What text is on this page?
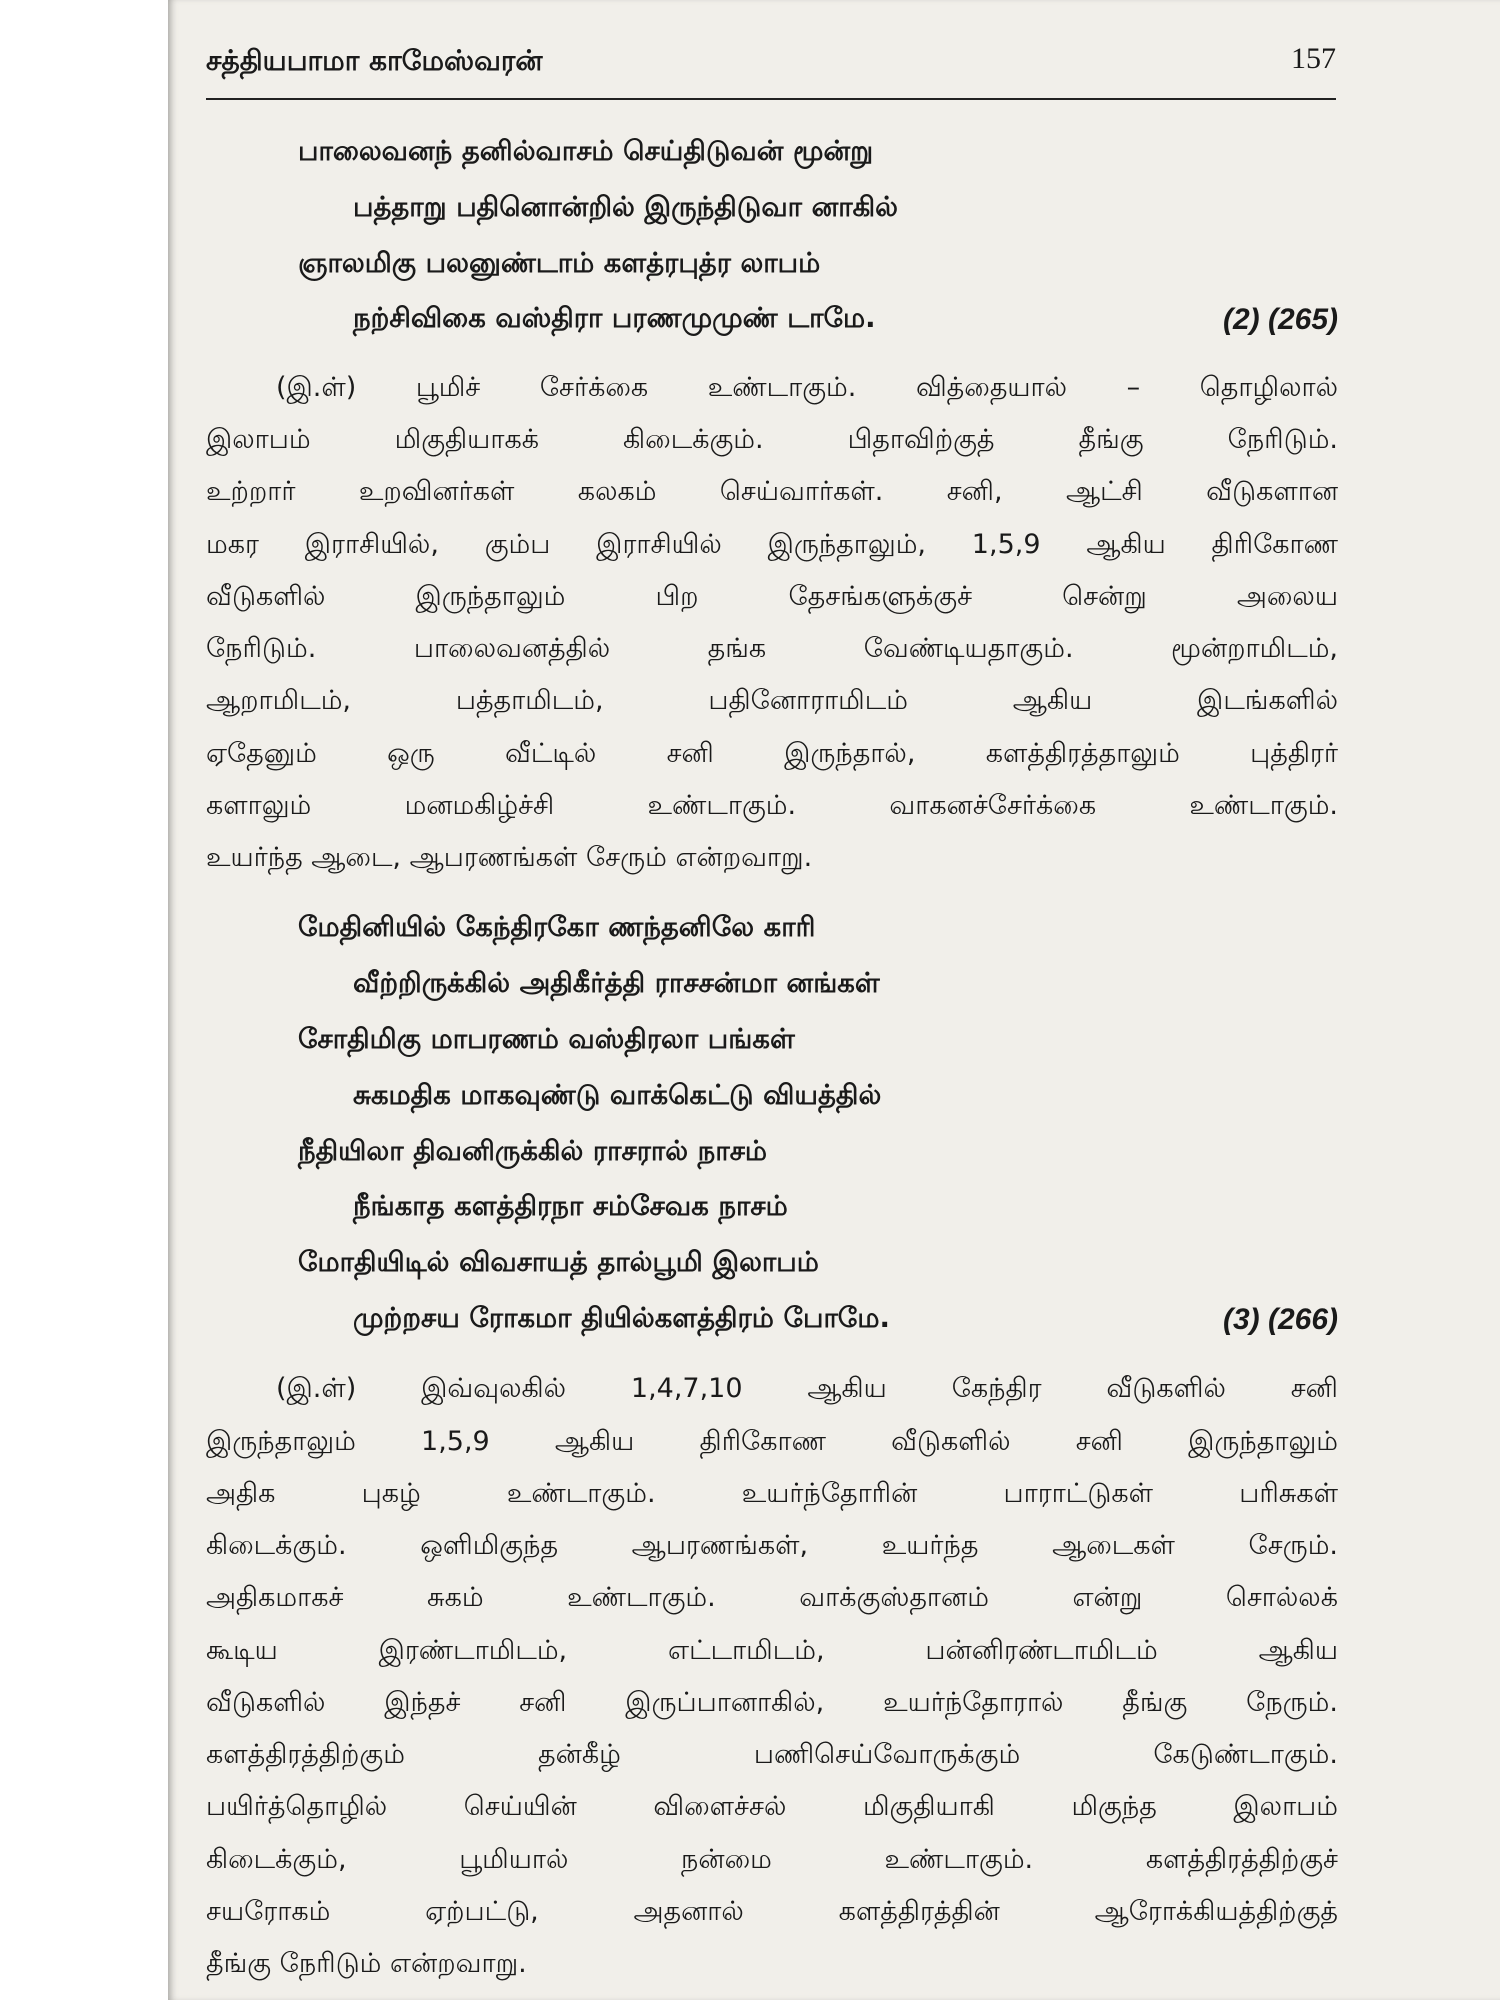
சத்தியபாமா காமேஸ்வரன்	157
பாலைவனந் தனில்வாசம் செய்திடுவன் மூன்று
பத்தாறு பதினொன்றில் இருந்திடுவா னாகில்
ஞாலமிகு பலனுண்டாம் களத்ரபுத்ர லாபம்
நற்சிவிகை வஸ்திரா பரணமுமுண் டாமே.	(2) (265)
(இ.ள்) பூமிச் சேர்க்கை உண்டாகும். வித்தையால் – தொழிலால்
இலாபம் மிகுதியாகக் கிடைக்கும். பிதாவிற்குத் தீங்கு நேரிடும்.
உற்றார் உறவினர்கள் கலகம் செய்வார்கள். சனி, ஆட்சி வீடுகளான
மகர இராசியில், கும்ப இராசியில் இருந்தாலும், 1,5,9 ஆகிய திரிகோண
வீடுகளில் இருந்தாலும் பிற தேசங்களுக்குச் சென்று அலைய
நேரிடும். பாலைவனத்தில் தங்க வேண்டியதாகும். மூன்றாமிடம்,
ஆறாமிடம், பத்தாமிடம், பதினோராமிடம் ஆகிய இடங்களில்
ஏதேனும் ஒரு வீட்டில் சனி இருந்தால், களத்திரத்தாலும் புத்திரர்
களாலும் மனமகிழ்ச்சி உண்டாகும். வாகனச்சேர்க்கை உண்டாகும்.
உயர்ந்த ஆடை, ஆபரணங்கள் சேரும் என்றவாறு.
மேதினியில் கேந்திரகோ ணந்தனிலே காரி
வீற்றிருக்கில் அதிகீர்த்தி ராசசன்மா னங்கள்
சோதிமிகு மாபரணம் வஸ்திரலா பங்கள்
சுகமதிக மாகவுண்டு வாக்கெட்டு வியத்தில்
நீதியிலா திவனிருக்கில் ராசரால் நாசம்
நீங்காத களத்திரநா சம்சேவக நாசம்
மோதியிடில் விவசாயத் தால்பூமி இலாபம்
முற்றசய ரோகமா தியில்களத்திரம் போமே.	(3) (266)
(இ.ள்) இவ்வுலகில் 1,4,7,10 ஆகிய கேந்திர வீடுகளில் சனி
இருந்தாலும் 1,5,9 ஆகிய திரிகோண வீடுகளில் சனி இருந்தாலும்
அதிக புகழ் உண்டாகும். உயர்ந்தோரின் பாராட்டுகள் பரிசுகள்
கிடைக்கும். ஒளிமிகுந்த ஆபரணங்கள், உயர்ந்த ஆடைகள் சேரும்.
அதிகமாகச் சுகம் உண்டாகும். வாக்குஸ்தானம் என்று சொல்லக்
கூடிய இரண்டாமிடம், எட்டாமிடம், பன்னிரண்டாமிடம் ஆகிய
வீடுகளில் இந்தச் சனி இருப்பானாகில், உயர்ந்தோரால் தீங்கு நேரும்.
களத்திரத்திற்கும் தன்கீழ் பணிசெய்வோருக்கும் கேடுண்டாகும்.
பயிர்த்தொழில் செய்யின் விளைச்சல் மிகுதியாகி மிகுந்த இலாபம்
கிடைக்கும், பூமியால் நன்மை உண்டாகும். களத்திரத்திற்குச்
சயரோகம் ஏற்பட்டு, அதனால் களத்திரத்தின் ஆரோக்கியத்திற்குத்
தீங்கு நேரிடும் என்றவாறு.
